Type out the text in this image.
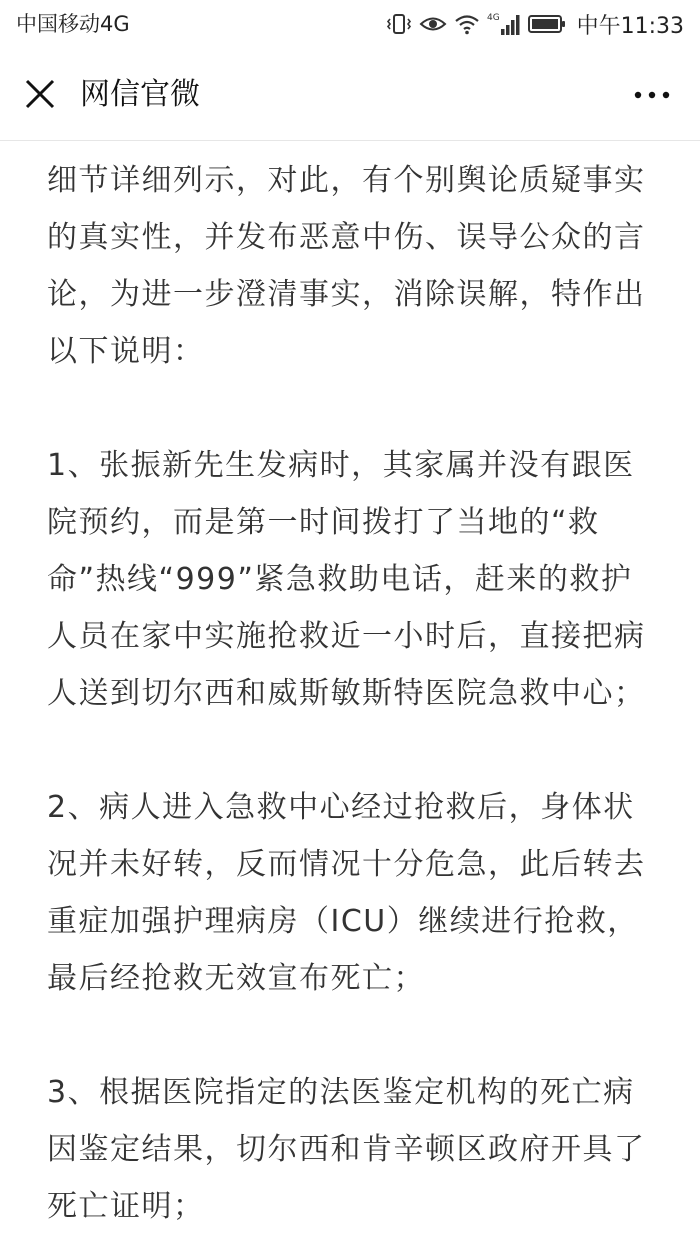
中国移动4G	4G	中午11:33
网信官微

细节详细列示，对此，有个别舆论质疑事实的真实性，并发布恶意中伤、误导公众的言论，为进一步澄清事实，消除误解，特作出以下说明：

1、张振新先生发病时，其家属并没有跟医院预约，而是第一时间拨打了当地的“救命”热线“999”紧急救助电话，赶来的救护人员在家中实施抢救近一小时后，直接把病人送到切尔西和威斯敏斯特医院急救中心；

2、病人进入急救中心经过抢救后，身体状况并未好转，反而情况十分危急，此后转去重症加强护理病房（ICU）继续进行抢救，最后经抢救无效宣布死亡；

3、根据医院指定的法医鉴定机构的死亡病因鉴定结果，切尔西和肯辛顿区政府开具了死亡证明；
